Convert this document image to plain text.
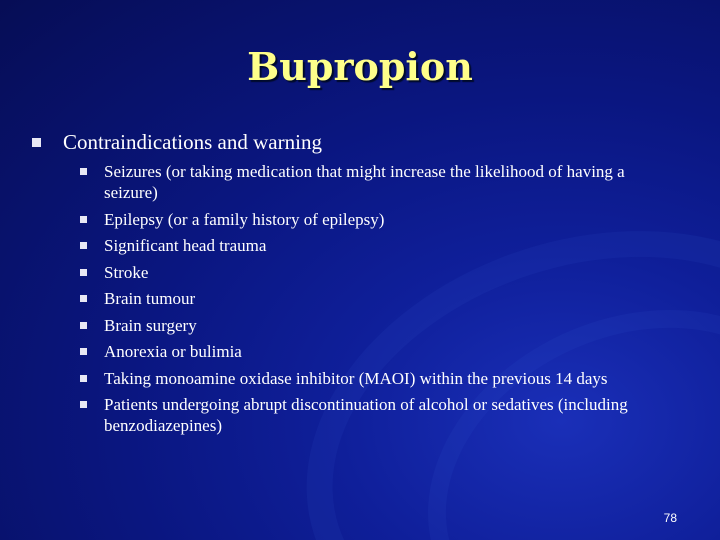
Bupropion
Contraindications and warning
Seizures (or taking medication that might increase the likelihood of having a seizure)
Epilepsy (or a family history of epilepsy)
Significant head trauma
Stroke
Brain tumour
Brain surgery
Anorexia or bulimia
Taking monoamine oxidase inhibitor (MAOI) within the previous 14 days
Patients undergoing abrupt discontinuation of alcohol or sedatives (including benzodiazepines)
78
